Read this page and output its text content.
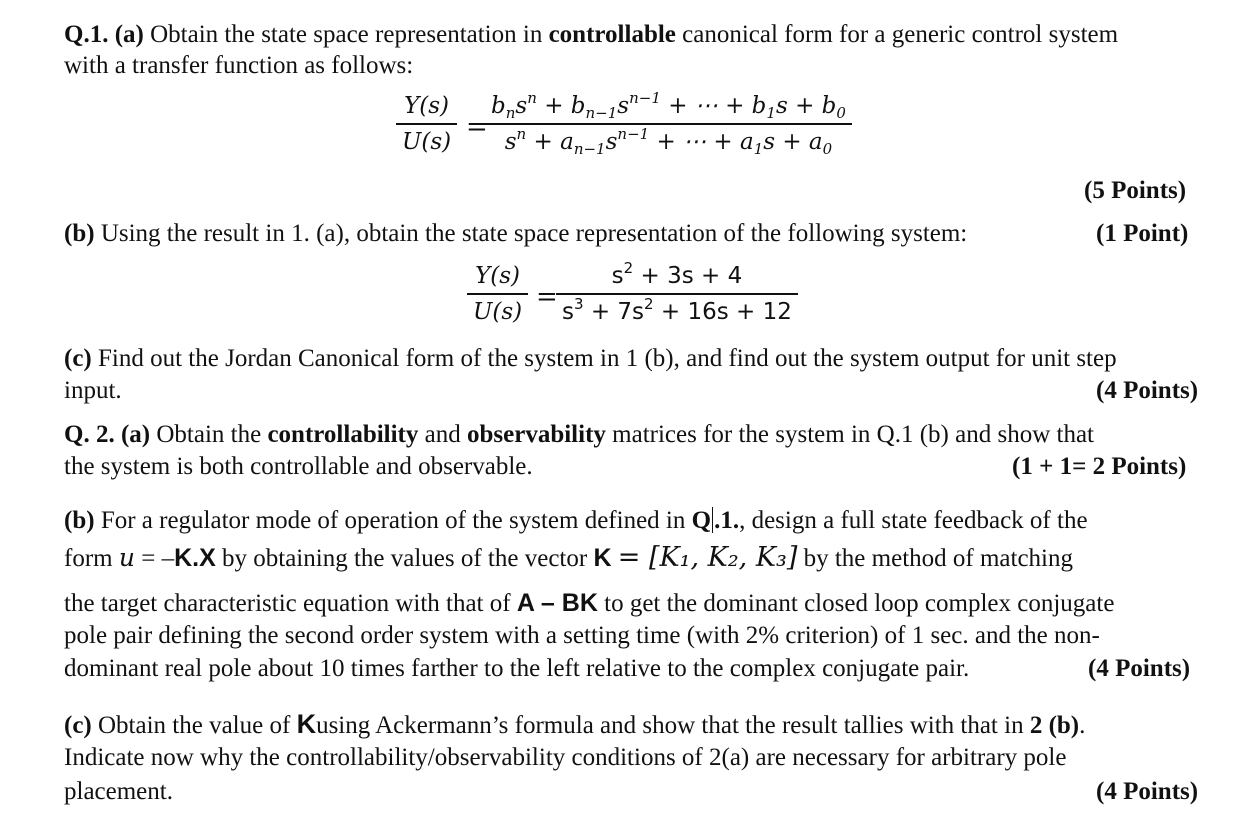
Q.1. (a) Obtain the state space representation in controllable canonical form for a generic control system
with a transfer function as follows:
Y(s)
U(s) =
$b_ns^n + b_{n-1}s^{n-1}$ + ⋯ + $b_1s + b_0$
$s^n + a_{n-1}s^{n-1}$ + ⋯ + $a_1s + a_0$
(5 Points)
(b) Using the result in 1. (a), obtain the state space representation of the following system:	(1 Point)
Y(s)
U(s) =
$s^2 + 3s + 4$
$s^3 + 7s^2 + 16s + 12$
(c) Find out the Jordan Canonical form of the system in 1 (b), and find out the system output for unit step
input.	(4 Points)
Q. 2. (a) Obtain the controllability and observability matrices for the system in Q.1 (b) and show that
the system is both controllable and observable.	(1 + 1= 2 Points)
(b) For a regulator mode of operation of the system defined in Q .1., design a full state feedback of the
form u = –K.X by obtaining the values of the vector K = [K₁, K₂, K₃] by the method of matching
the target characteristic equation with that of A – BK to get the dominant closed loop complex conjugate
pole pair defining the second order system with a setting time (with 2% criterion) of 1 sec. and the non-
dominant real pole about 10 times farther to the left relative to the complex conjugate pair.	(4 Points)
(c) Obtain the value of Kusing Ackermann’s formula and show that the result tallies with that in 2 (b).
Indicate now why the controllability/observability conditions of 2(a) are necessary for arbitrary pole
placement.	(4 Points)
